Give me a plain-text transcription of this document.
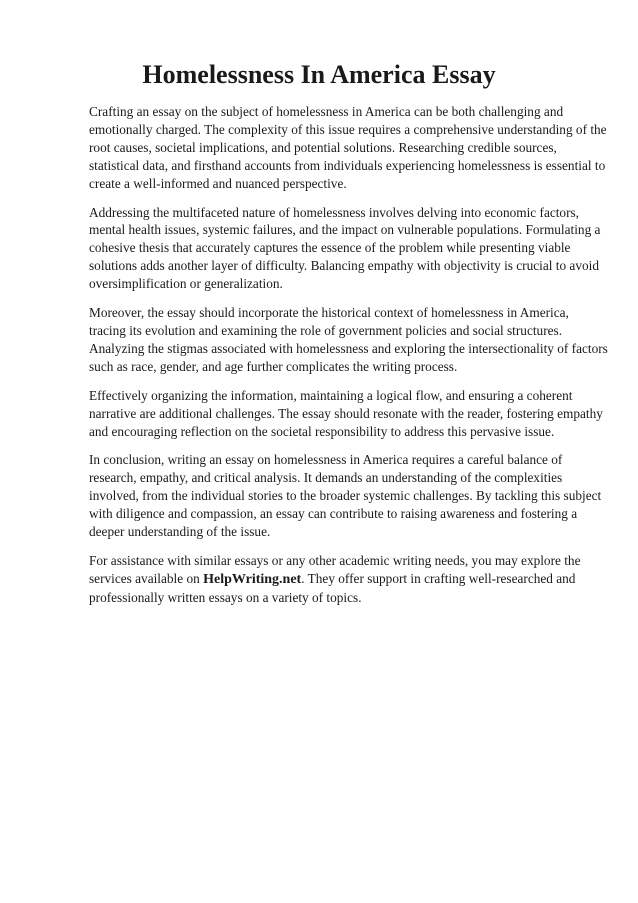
Homelessness In America Essay

Crafting an essay on the subject of homelessness in America can be both challenging and emotionally charged. The complexity of this issue requires a comprehensive understanding of the root causes, societal implications, and potential solutions. Researching credible sources, statistical data, and firsthand accounts from individuals experiencing homelessness is essential to create a well-informed and nuanced perspective.

Addressing the multifaceted nature of homelessness involves delving into economic factors, mental health issues, systemic failures, and the impact on vulnerable populations. Formulating a cohesive thesis that accurately captures the essence of the problem while presenting viable solutions adds another layer of difficulty. Balancing empathy with objectivity is crucial to avoid oversimplification or generalization.

Moreover, the essay should incorporate the historical context of homelessness in America, tracing its evolution and examining the role of government policies and social structures. Analyzing the stigmas associated with homelessness and exploring the intersectionality of factors such as race, gender, and age further complicates the writing process.

Effectively organizing the information, maintaining a logical flow, and ensuring a coherent narrative are additional challenges. The essay should resonate with the reader, fostering empathy and encouraging reflection on the societal responsibility to address this pervasive issue.

In conclusion, writing an essay on homelessness in America requires a careful balance of research, empathy, and critical analysis. It demands an understanding of the complexities involved, from the individual stories to the broader systemic challenges. By tackling this subject with diligence and compassion, an essay can contribute to raising awareness and fostering a deeper understanding of the issue.

For assistance with similar essays or any other academic writing needs, you may explore the services available on HelpWriting.net. They offer support in crafting well-researched and professionally written essays on a variety of topics.
